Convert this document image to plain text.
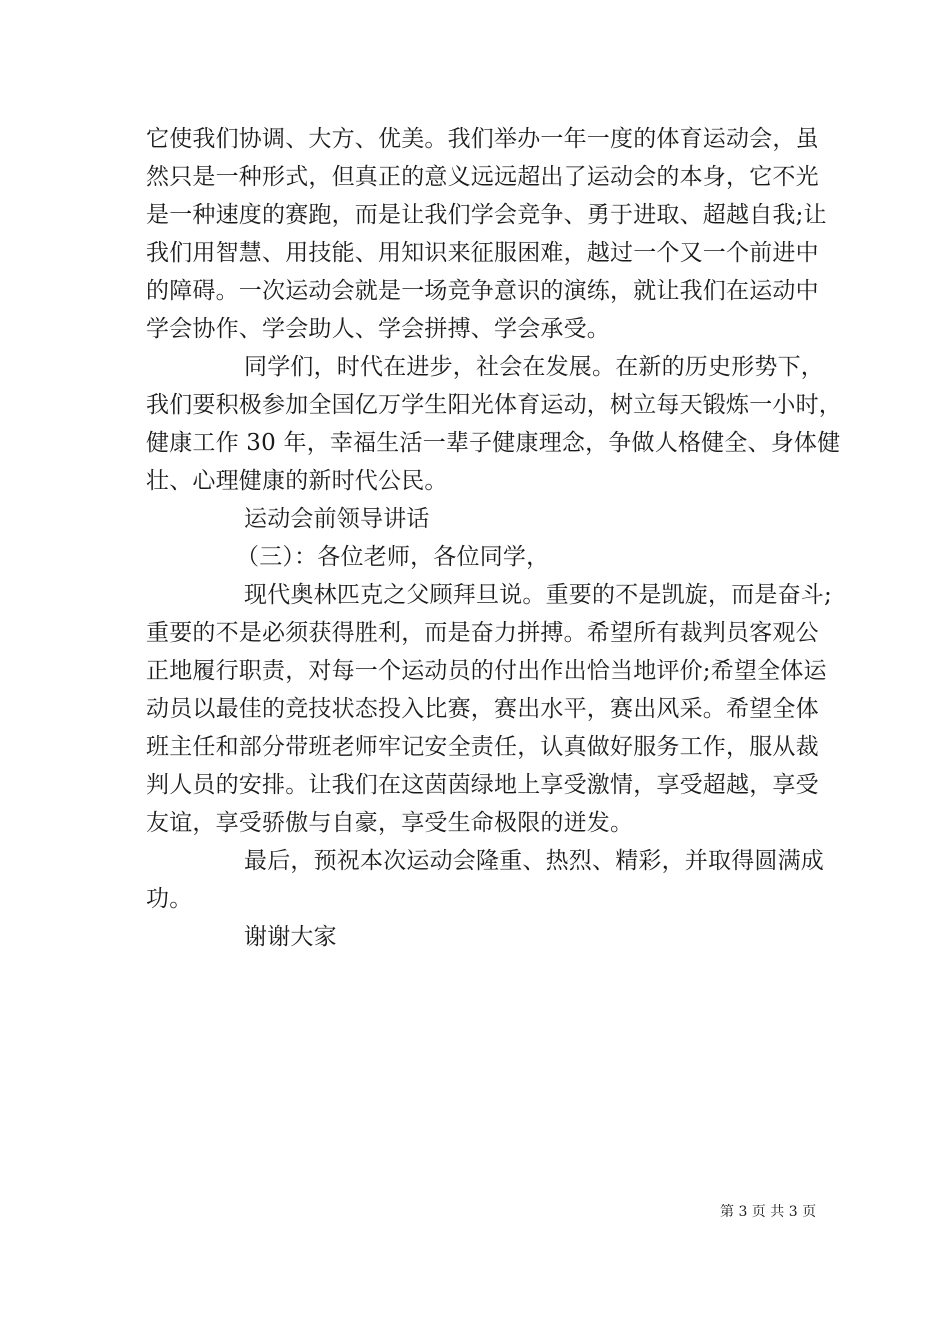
它使我们协调、大方、优美。我们举办一年一度的体育运动会，虽
然只是一种形式，但真正的意义远远超出了运动会的本身，它不光
是一种速度的赛跑，而是让我们学会竞争、勇于进取、超越自我;让
我们用智慧、用技能、用知识来征服困难，越过一个又一个前进中
的障碍。一次运动会就是一场竞争意识的演练，就让我们在运动中
学会协作、学会助人、学会拼搏、学会承受。
同学们，时代在进步，社会在发展。在新的历史形势下，
我们要积极参加全国亿万学生阳光体育运动，树立每天锻炼一小时，
健康工作 30 年，幸福生活一辈子健康理念，争做人格健全、身体健
壮、心理健康的新时代公民。
运动会前领导讲话
（三）：各位老师，各位同学，
现代奥林匹克之父顾拜旦说。重要的不是凯旋，而是奋斗;
重要的不是必须获得胜利，而是奋力拼搏。希望所有裁判员客观公
正地履行职责，对每一个运动员的付出作出恰当地评价;希望全体运
动员以最佳的竞技状态投入比赛，赛出水平，赛出风采。希望全体
班主任和部分带班老师牢记安全责任，认真做好服务工作，服从裁
判人员的安排。让我们在这茵茵绿地上享受激情，享受超越，享受
友谊，享受骄傲与自豪，享受生命极限的迸发。
最后，预祝本次运动会隆重、热烈、精彩，并取得圆满成
功。
谢谢大家
第 3 页 共 3 页
